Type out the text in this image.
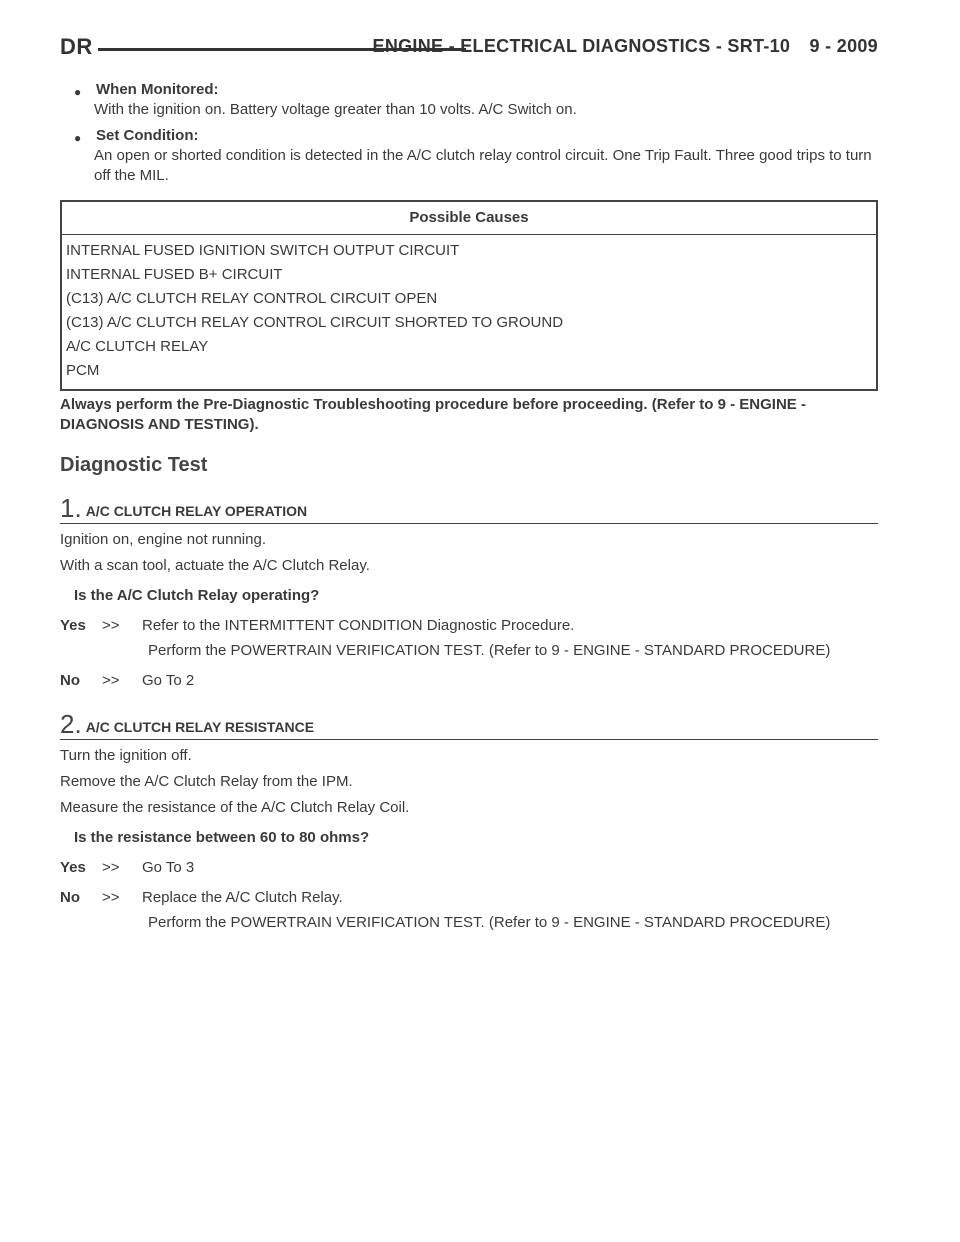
DR	ENGINE - ELECTRICAL DIAGNOSTICS - SRT-10 9 - 2009
● When Monitored:
With the ignition on. Battery voltage greater than 10 volts. A/C Switch on.
● Set Condition:
An open or shorted condition is detected in the A/C clutch relay control circuit. One Trip Fault. Three good trips to turn off the MIL.
Possible Causes
INTERNAL FUSED IGNITION SWITCH OUTPUT CIRCUIT
INTERNAL FUSED B+ CIRCUIT
(C13) A/C CLUTCH RELAY CONTROL CIRCUIT OPEN
(C13) A/C CLUTCH RELAY CONTROL CIRCUIT SHORTED TO GROUND
A/C CLUTCH RELAY
PCM
Always perform the Pre-Diagnostic Troubleshooting procedure before proceeding. (Refer to 9 - ENGINE - DIAGNOSIS AND TESTING).
Diagnostic Test
1. A/C CLUTCH RELAY OPERATION
Ignition on, engine not running.
With a scan tool, actuate the A/C Clutch Relay.
Is the A/C Clutch Relay operating?
Yes	>>	Refer to the INTERMITTENT CONDITION Diagnostic Procedure.
Perform the POWERTRAIN VERIFICATION TEST. (Refer to 9 - ENGINE - STANDARD PROCEDURE)
No	>>	Go To 2
2. A/C CLUTCH RELAY RESISTANCE
Turn the ignition off.
Remove the A/C Clutch Relay from the IPM.
Measure the resistance of the A/C Clutch Relay Coil.
Is the resistance between 60 to 80 ohms?
Yes	>>	Go To 3
No	>>	Replace the A/C Clutch Relay.
Perform the POWERTRAIN VERIFICATION TEST. (Refer to 9 - ENGINE - STANDARD PROCEDURE)
